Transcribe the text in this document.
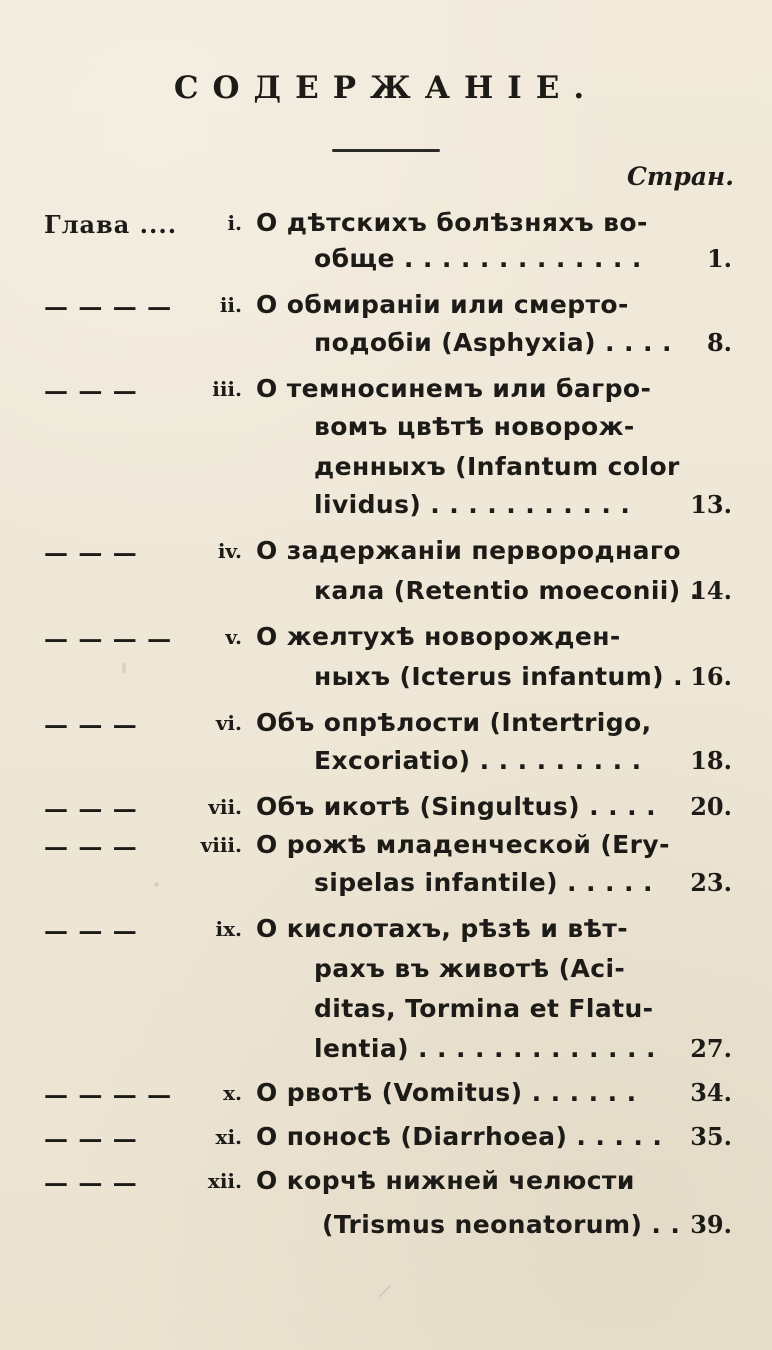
СОДЕРЖАНІЕ.
Стран.
Глава ....	i. О дѣтскихъ болѣзняхъ во-
обще . . . . . . . . . . . . .	1.
— — — —	ii. О обмираніи или смерто-
подобіи (Asphyxia) . . . . 8.
— — —	iii. О темносинемъ или багро-
вомъ цвѣтѣ новорож-
денныхъ (Infantum color
lividus) . . . . . . . . . . .	13.
— — —	iv. О задержаніи первороднаго
кала (Retentio moeconii) .
14.
— — — —	v. О желтухѣ новорожден-
ныхъ (Icterus infantum) . 16.
— — —	vi. Объ опрѣлости (Intertrigo,
Excoriatio) . . . . . . . . . 18.
— — —	vii. Объ икотѣ (Singultus) . . . . 20.
— — —	viii. О рожѣ младенческой (Ery-
sipelas infantile) . . . . . 23.
— — —	ix. О кислотахъ, рѣзѣ и вѣт-
рахъ въ животѣ (Aci-
ditas, Tormina et Flatu-
lentia) . . . . . . . . . . . . . 27.
— — — —	x. О рвотѣ (Vomitus) . . . . . . 34.
— — —	xi. О поносѣ (Diarrhoea) . . . . . 35.
— — —	xii. О корчѣ нижней челюсти
(Trismus neonatorum) . . 39.
